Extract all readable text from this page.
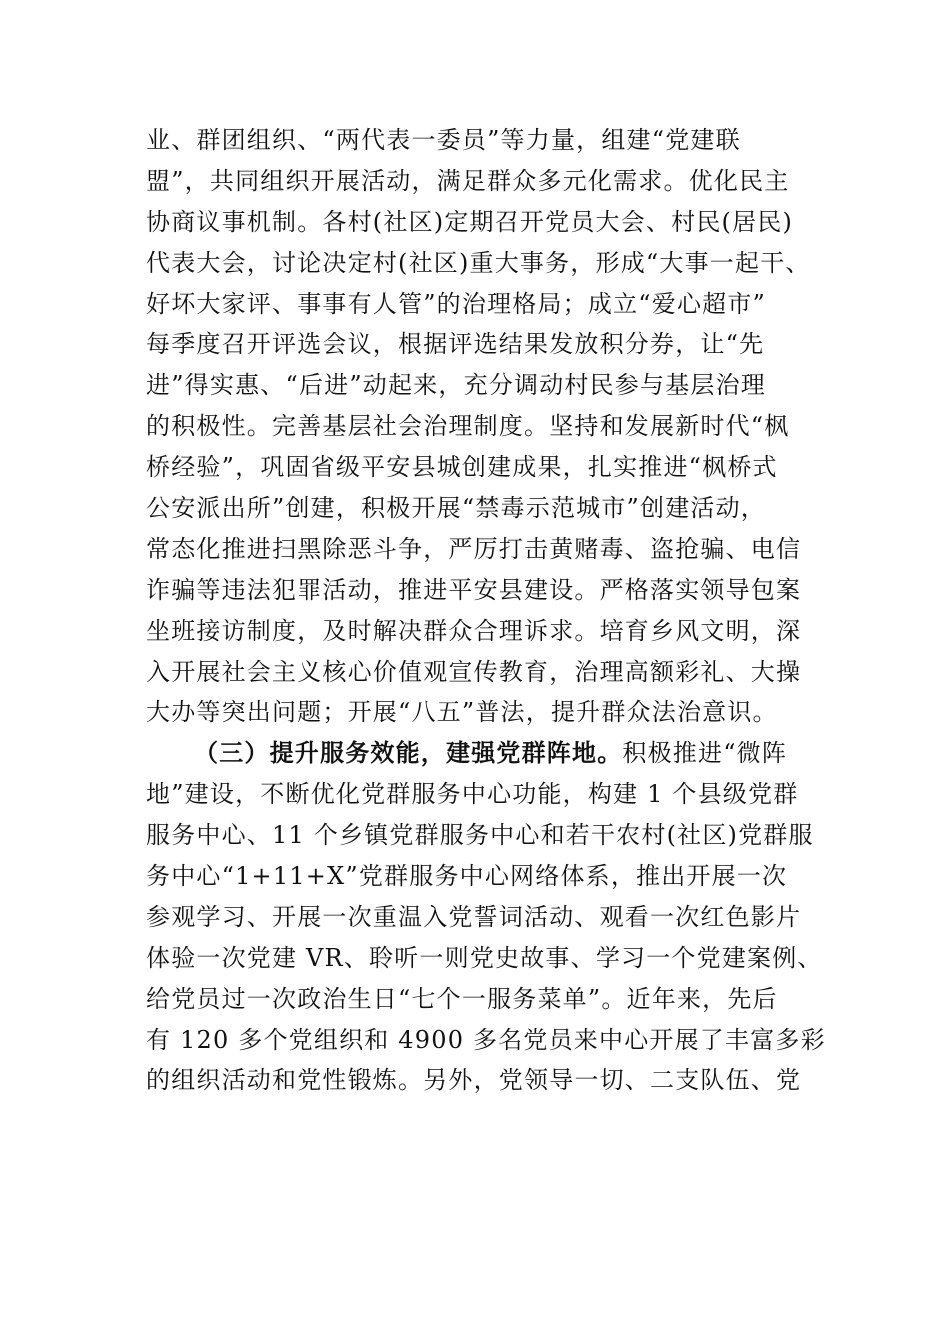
业、群团组织、“两代表一委员”等力量，组建“党建联
盟”，共同组织开展活动，满足群众多元化需求。优化民主
协商议事机制。各村(社区)定期召开党员大会、村民(居民)
代表大会，讨论决定村(社区)重大事务，形成“大事一起干、
好坏大家评、事事有人管”的治理格局；成立“爱心超市”
每季度召开评选会议，根据评选结果发放积分券，让“先
进”得实惠、“后进”动起来，充分调动村民参与基层治理
的积极性。完善基层社会治理制度。坚持和发展新时代“枫
桥经验”，巩固省级平安县城创建成果，扎实推进“枫桥式
公安派出所”创建，积极开展“禁毒示范城市”创建活动，
常态化推进扫黑除恶斗争，严厉打击黄赌毒、盗抢骗、电信
诈骗等违法犯罪活动，推进平安县建设。严格落实领导包案
坐班接访制度，及时解决群众合理诉求。培育乡风文明，深
入开展社会主义核心价值观宣传教育，治理高额彩礼、大操
大办等突出问题；开展“八五”普法，提升群众法治意识。
（三）提升服务效能，建强党群阵地。积极推进“微阵
地”建设，不断优化党群服务中心功能，构建 1 个县级党群
服务中心、11 个乡镇党群服务中心和若干农村(社区)党群服
务中心“1+11+X”党群服务中心网络体系，推出开展一次
参观学习、开展一次重温入党誓词活动、观看一次红色影片
体验一次党建 VR、聆听一则党史故事、学习一个党建案例、
给党员过一次政治生日“七个一服务菜单”。近年来，先后
有 120 多个党组织和 4900 多名党员来中心开展了丰富多彩
的组织活动和党性锻炼。另外，党领导一切、二支队伍、党
